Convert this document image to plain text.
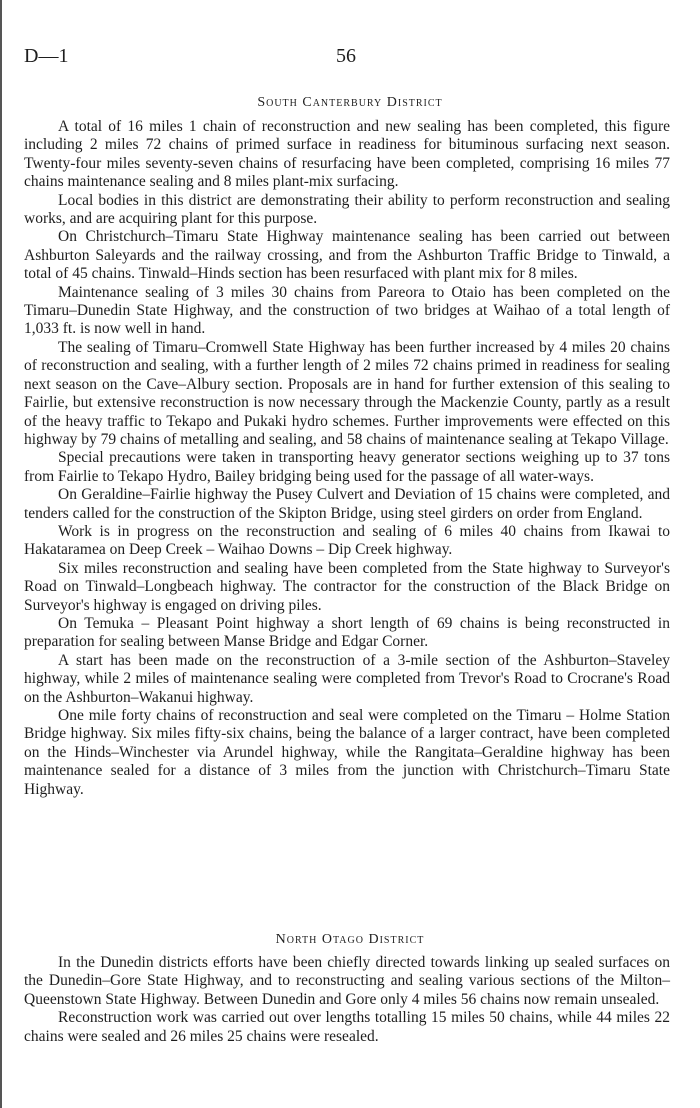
D—1	56
South Canterbury District

A total of 16 miles 1 chain of reconstruction and new sealing has been completed, this figure including 2 miles 72 chains of primed surface in readiness for bituminous surfacing next season. Twenty-four miles seventy-seven chains of resurfacing have been completed, comprising 16 miles 77 chains maintenance sealing and 8 miles plant-mix surfacing.

Local bodies in this district are demonstrating their ability to perform reconstruction and sealing works, and are acquiring plant for this purpose.

On Christchurch–Timaru State Highway maintenance sealing has been carried out between Ashburton Saleyards and the railway crossing, and from the Ashburton Traffic Bridge to Tinwald, a total of 45 chains. Tinwald–Hinds section has been resurfaced with plant mix for 8 miles.

Maintenance sealing of 3 miles 30 chains from Pareora to Otaio has been completed on the Timaru–Dunedin State Highway, and the construction of two bridges at Waihao of a total length of 1,033 ft. is now well in hand.

The sealing of Timaru–Cromwell State Highway has been further increased by 4 miles 20 chains of reconstruction and sealing, with a further length of 2 miles 72 chains primed in readiness for sealing next season on the Cave–Albury section. Proposals are in hand for further extension of this sealing to Fairlie, but extensive reconstruction is now necessary through the Mackenzie County, partly as a result of the heavy traffic to Tekapo and Pukaki hydro schemes. Further improvements were effected on this highway by 79 chains of metalling and sealing, and 58 chains of maintenance sealing at Tekapo Village.

Special precautions were taken in transporting heavy generator sections weighing up to 37 tons from Fairlie to Tekapo Hydro, Bailey bridging being used for the passage of all water-ways.

On Geraldine–Fairlie highway the Pusey Culvert and Deviation of 15 chains were completed, and tenders called for the construction of the Skipton Bridge, using steel girders on order from England.

Work is in progress on the reconstruction and sealing of 6 miles 40 chains from Ikawai to Hakataramea on Deep Creek – Waihao Downs – Dip Creek highway.

Six miles reconstruction and sealing have been completed from the State highway to Surveyor's Road on Tinwald–Longbeach highway. The contractor for the construction of the Black Bridge on Surveyor's highway is engaged on driving piles.

On Temuka – Pleasant Point highway a short length of 69 chains is being reconstructed in preparation for sealing between Manse Bridge and Edgar Corner.

A start has been made on the reconstruction of a 3-mile section of the Ashburton–Staveley highway, while 2 miles of maintenance sealing were completed from Trevor's Road to Crocrane's Road on the Ashburton–Wakanui highway.

One mile forty chains of reconstruction and seal were completed on the Timaru – Holme Station Bridge highway. Six miles fifty-six chains, being the balance of a larger contract, have been completed on the Hinds–Winchester via Arundel highway, while the Rangitata–Geraldine highway has been maintenance sealed for a distance of 3 miles from the junction with Christchurch–Timaru State Highway.

North Otago District

In the Dunedin districts efforts have been chiefly directed towards linking up sealed surfaces on the Dunedin–Gore State Highway, and to reconstructing and sealing various sections of the Milton–Queenstown State Highway. Between Dunedin and Gore only 4 miles 56 chains now remain unsealed.

Reconstruction work was carried out over lengths totalling 15 miles 50 chains, while 44 miles 22 chains were sealed and 26 miles 25 chains were resealed.
